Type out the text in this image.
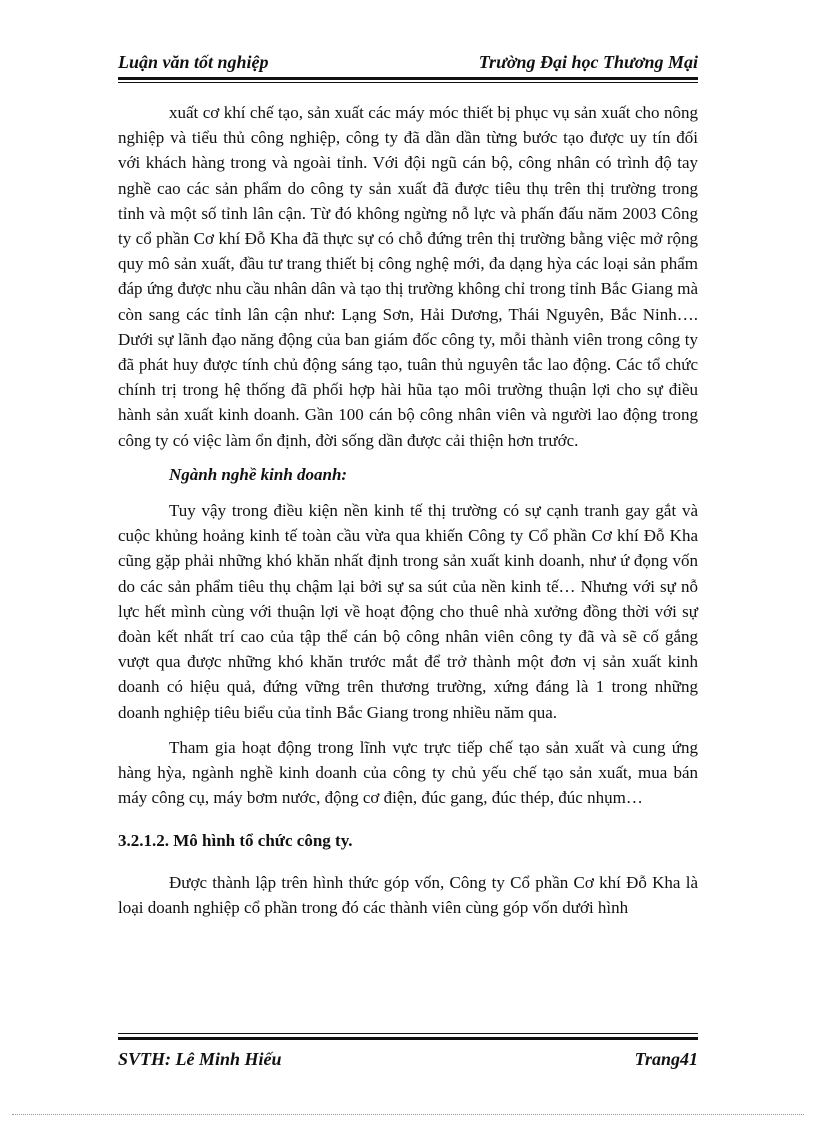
Luận văn tốt nghiệp	Trường Đại học Thương Mại

xuất cơ khí chế tạo, sản xuất các máy móc thiết bị phục vụ sản xuất cho nông nghiệp và tiểu thủ công nghiệp, công ty đã dần dần từng bước tạo được uy tín đối với khách hàng trong và ngoài tỉnh. Với đội ngũ cán bộ, công nhân có trình độ tay nghề cao các sản phẩm do công ty sản xuất đã được tiêu thụ trên thị trường trong tỉnh và một số tỉnh lân cận. Từ đó không ngừng nỗ lực và phấn đấu năm 2003 Công ty cổ phần Cơ khí Đỗ Kha đã thực sự có chỗ đứng trên thị trường bằng việc mở rộng quy mô sản xuất, đầu tư trang thiết bị công nghệ mới, đa dạng hỳa các loại sản phẩm đáp ứng được nhu cầu nhân dân và tạo thị trường không chỉ trong tỉnh Bắc Giang mà còn sang các tỉnh lân cận như: Lạng Sơn, Hải Dương, Thái Nguyên, Bắc Ninh…. Dưới sự lãnh đạo năng động của ban giám đốc công ty, mỗi thành viên trong công ty đã phát huy được tính chủ động sáng tạo, tuân thủ nguyên tắc lao động. Các tổ chức chính trị trong hệ thống đã phối hợp hài hũa tạo môi trường thuận lợi cho sự điều hành sản xuất kinh doanh. Gần 100 cán bộ công nhân viên và người lao động trong công ty có việc làm ổn định, đời sống dần được cải thiện hơn trước.

Ngành nghề kinh doanh:

Tuy vậy trong điều kiện nền kinh tế thị trường có sự cạnh tranh gay gắt và cuộc khủng hoảng kinh tế toàn cầu vừa qua khiến Công ty Cổ phần Cơ khí Đỗ Kha cũng gặp phải những khó khăn nhất định trong sản xuất kinh doanh, như ứ đọng vốn do các sản phẩm tiêu thụ chậm lại bởi sự sa sút của nền kinh tế… Nhưng với sự nỗ lực hết mình cùng với thuận lợi về hoạt động cho thuê nhà xưởng đồng thời với sự đoàn kết nhất trí cao của tập thể cán bộ công nhân viên công ty đã và sẽ cố gắng vượt qua được những khó khăn trước mắt để trở thành một đơn vị sản xuất kinh doanh có hiệu quả, đứng vững trên thương trường, xứng đáng là 1 trong những doanh nghiệp tiêu biểu của tỉnh Bắc Giang trong nhiều năm qua.

Tham gia hoạt động trong lĩnh vực trực tiếp chế tạo sản xuất và cung ứng hàng hỳa, ngành nghề kinh doanh của công ty chủ yếu chế tạo sản xuất, mua bán máy công cụ, máy bơm nước, động cơ điện, đúc gang, đúc thép, đúc nhụm…

3.2.1.2. Mô hình tổ chức công ty.

Được thành lập trên hình thức góp vốn, Công ty Cổ phần Cơ khí Đỗ Kha là loại doanh nghiệp cổ phần trong đó các thành viên cùng góp vốn dưới hình

SVTH: Lê Minh Hiếu	Trang41
